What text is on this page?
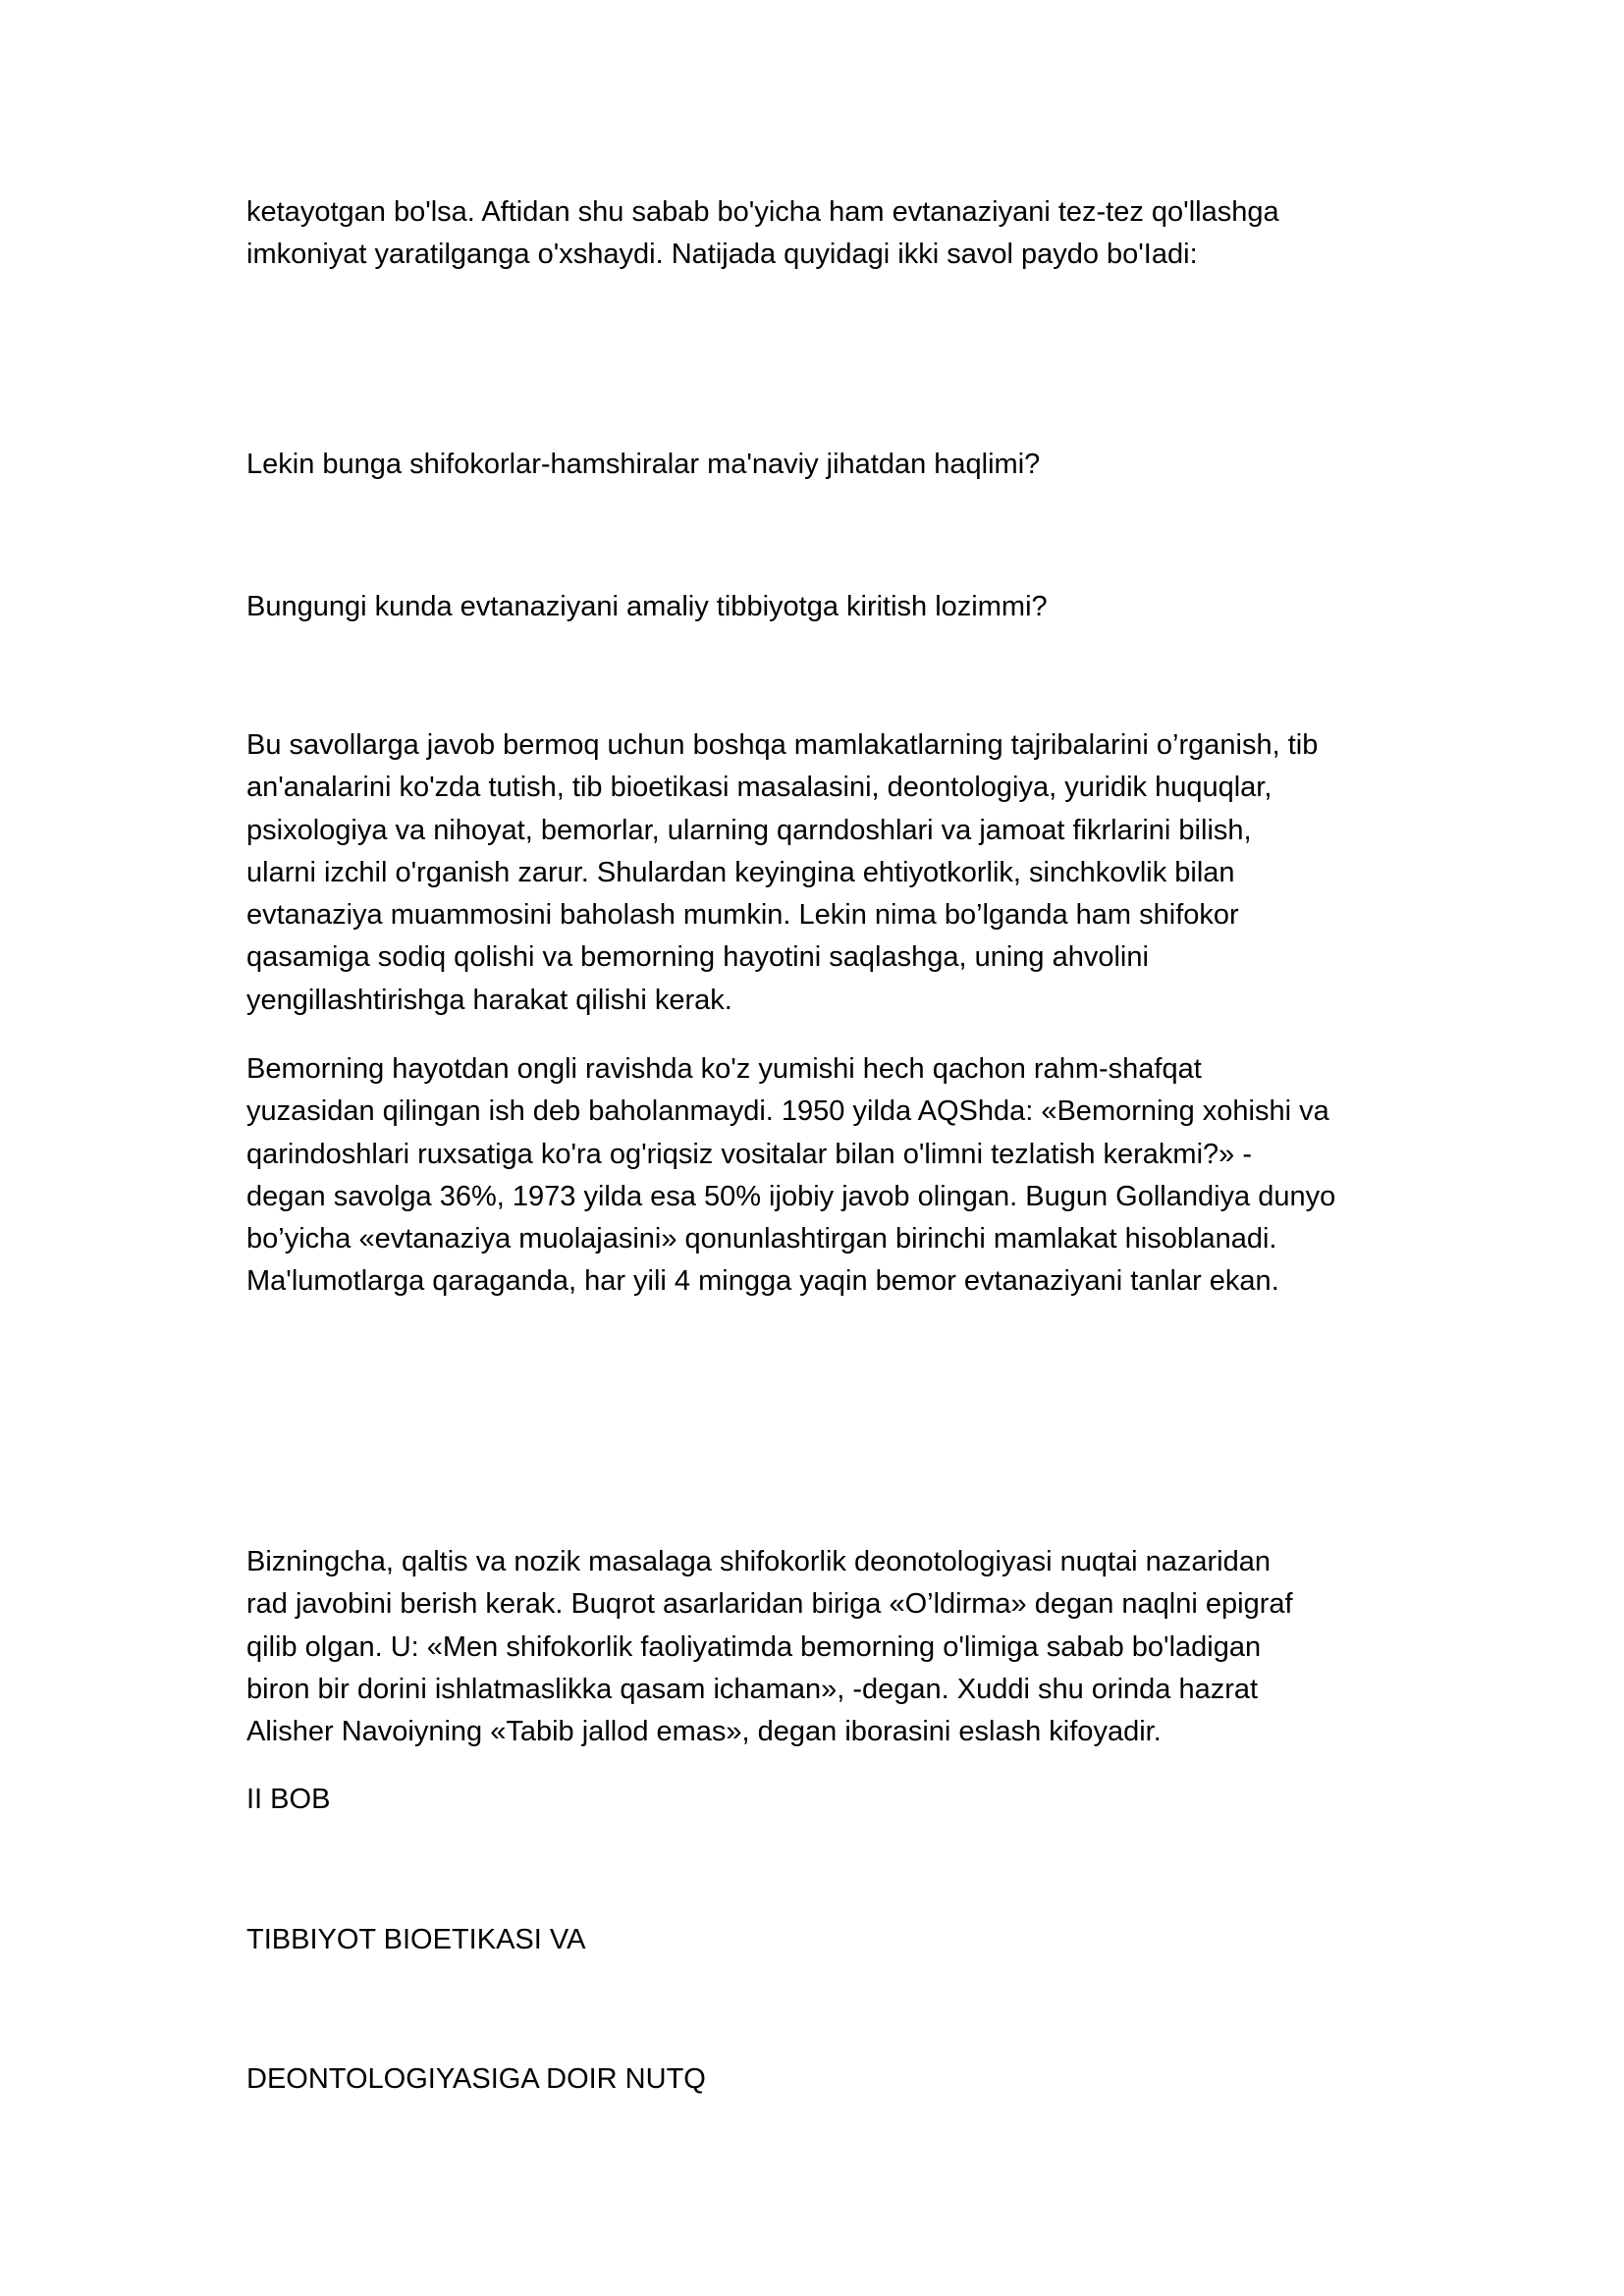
ketayotgan bo'lsa. Aftidan shu sabab bo'yicha ham evtanaziyani tez-tez qo'llashga
imkoniyat yaratilganga o'xshaydi. Natijada quyidagi ikki savol paydo bo'Iadi:

Lekin bunga shifokorlar-hamshiralar ma'naviy jihatdan haqlimi?

Bungungi kunda evtanaziyani amaliy tibbiyotga kiritish lozimmi?

Bu savollarga javob bermoq uchun boshqa mamlakatlarning tajribalarini o’rganish, tib
an'analarini ko'zda tutish, tib bioetikasi masalasini, deontologiya, yuridik huquqlar,
psixologiya va nihoyat, bemorlar, ularning qarndoshlari va jamoat fikrlarini bilish,
ularni izchil o'rganish zarur. Shulardan keyingina ehtiyotkorlik, sinchkovlik bilan
evtanaziya muammosini baholash mumkin. Lekin nima bo’lganda ham shifokor
qasamiga sodiq qolishi va bemorning hayotini saqlashga, uning ahvolini
yengillashtirishga harakat qilishi kerak.

Bemorning hayotdan ongli ravishda ko'z yumishi hech qachon rahm-shafqat
yuzasidan qilingan ish deb baholanmaydi. 1950 yilda AQShda: «Bemorning xohishi va
qarindoshlari ruxsatiga ko'ra og'riqsiz vositalar bilan o'limni tezlatish kerakmi?» -
degan savolga 36%, 1973 yilda esa 50% ijobiy javob olingan. Bugun Gollandiya dunyo
bo’yicha «evtanaziya muolajasini» qonunlashtirgan birinchi mamlakat hisoblanadi.
Ma'lumotlarga qaraganda, har yili 4 mingga yaqin bemor evtanaziyani tanlar ekan.

Bizningcha, qaltis va nozik masalaga shifokorlik deonotologiyasi nuqtai nazaridan
rad javobini berish kerak. Buqrot asarlaridan biriga «O’ldirma» degan naqlni epigraf
qilib olgan. U: «Men shifokorlik faoliyatimda bemorning o'limiga sabab bo'ladigan
biron bir dorini ishlatmaslikka qasam ichaman», -degan. Xuddi shu orinda hazrat
Alisher Navoiyning «Tabib jallod emas», degan iborasini eslash kifoyadir.

II BOB

TIBBIYOT BIOETIKASI VA

DEONTOLOGIYASIGA DOIR NUTQ
